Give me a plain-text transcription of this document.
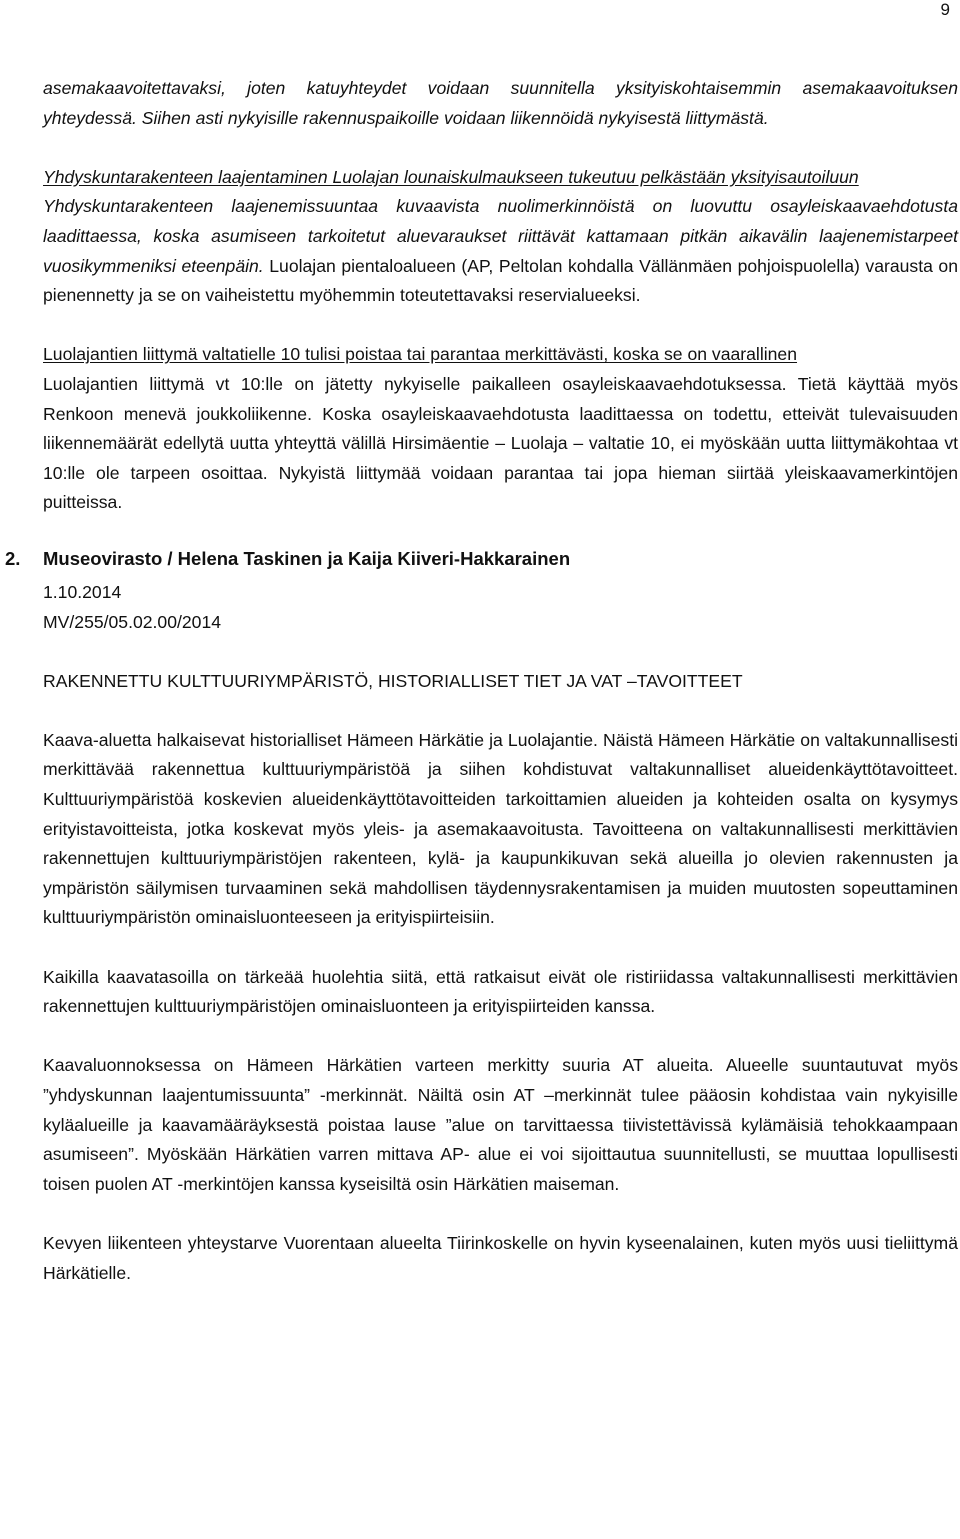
9

asemakaavoitettavaksi, joten katuyhteydet voidaan suunnitella yksityiskohtaisemmin asemakaavoituksen yhteydessä. Siihen asti nykyisille rakennuspaikoille voidaan liikennöidä nykyisestä liittymästä.

Yhdyskuntarakenteen laajentaminen Luolajan lounaiskulmaukseen tukeutuu pelkästään yksityisautoiluun

Yhdyskuntarakenteen laajenemissuuntaa kuvaavista nuolimerkinnöistä on luovuttu osayleiskaavaehdotusta laadittaessa, koska asumiseen tarkoitetut aluevaraukset riittävät kattamaan pitkän aikavälin laajenemistarpeet vuosikymmeniksi eteenpäin. Luolajan pientaloalueen (AP, Peltolan kohdalla Vällänmäen pohjoispuolella) varausta on pienennetty ja se on vaiheistettu myöhemmin toteutettavaksi reservialueeksi.

Luolajantien liittymä valtatielle 10 tulisi poistaa tai parantaa merkittävästi, koska se on vaarallinen

Luolajantien liittymä vt 10:lle on jätetty nykyiselle paikalleen osayleiskaavaehdotuksessa. Tietä käyttää myös Renkoon menevä joukkoliikenne. Koska osayleiskaavaehdotusta laadittaessa on todettu, etteivät tulevaisuuden liikennemäärät edellytä uutta yhteyttä välillä Hirsimäentie – Luolaja – valtatie 10, ei myöskään uutta liittymäkohtaa vt 10:lle ole tarpeen osoittaa. Nykyistä liittymää voidaan parantaa tai jopa hieman siirtää yleiskaavamerkintöjen puitteissa.

2.	Museovirasto / Helena Taskinen ja Kaija Kiiveri-Hakkarainen

1.10.2014

MV/255/05.02.00/2014

RAKENNETTU KULTTUURIYMPÄRISTÖ, HISTORIALLISET TIET JA VAT –TAVOITTEET

Kaava-aluetta halkaisevat historialliset Hämeen Härkätie ja Luolajantie. Näistä Hämeen Härkätie on valtakunnallisesti merkittävää rakennettua kulttuuriympäristöä ja siihen kohdistuvat valtakunnalliset alueidenkäyttötavoitteet. Kulttuuriympäristöä koskevien alueidenkäyttötavoitteiden tarkoittamien alueiden ja kohteiden osalta on kysymys erityistavoitteista, jotka koskevat myös yleis- ja asemakaavoitusta. Tavoitteena on valtakunnallisesti merkittävien rakennettujen kulttuuriympäristöjen rakenteen, kylä- ja kaupunkikuvan sekä alueilla jo olevien rakennusten ja ympäristön säilymisen turvaaminen sekä mahdollisen täydennysrakentamisen ja muiden muutosten sopeuttaminen kulttuuriympäristön ominaisluonteeseen ja erityispiirteisiin.

Kaikilla kaavatasoilla on tärkeää huolehtia siitä, että ratkaisut eivät ole ristiriidassa valtakunnallisesti merkittävien rakennettujen kulttuuriympäristöjen ominaisluonteen ja erityispiirteiden kanssa.

Kaavaluonnoksessa on Hämeen Härkätien varteen merkitty suuria AT alueita. Alueelle suuntautuvat myös ”yhdyskunnan laajentumissuunta” -merkinnät. Näiltä osin AT –merkinnät tulee pääosin kohdistaa vain nykyisille kyläalueille ja kaavamääräyksestä poistaa lause ”alue on tarvittaessa tiivistettävissä kylämäisiä tehokkaampaan asumiseen”. Myöskään Härkätien varren mittava AP- alue ei voi sijoittautua suunnitellusti, se muuttaa lopullisesti toisen puolen AT -merkintöjen kanssa kyseisiltä osin Härkätien maiseman.

Kevyen liikenteen yhteystarve Vuorentaan alueelta Tiirinkoskelle on hyvin kyseenalainen, kuten myös uusi tieliittymä Härkätielle.
